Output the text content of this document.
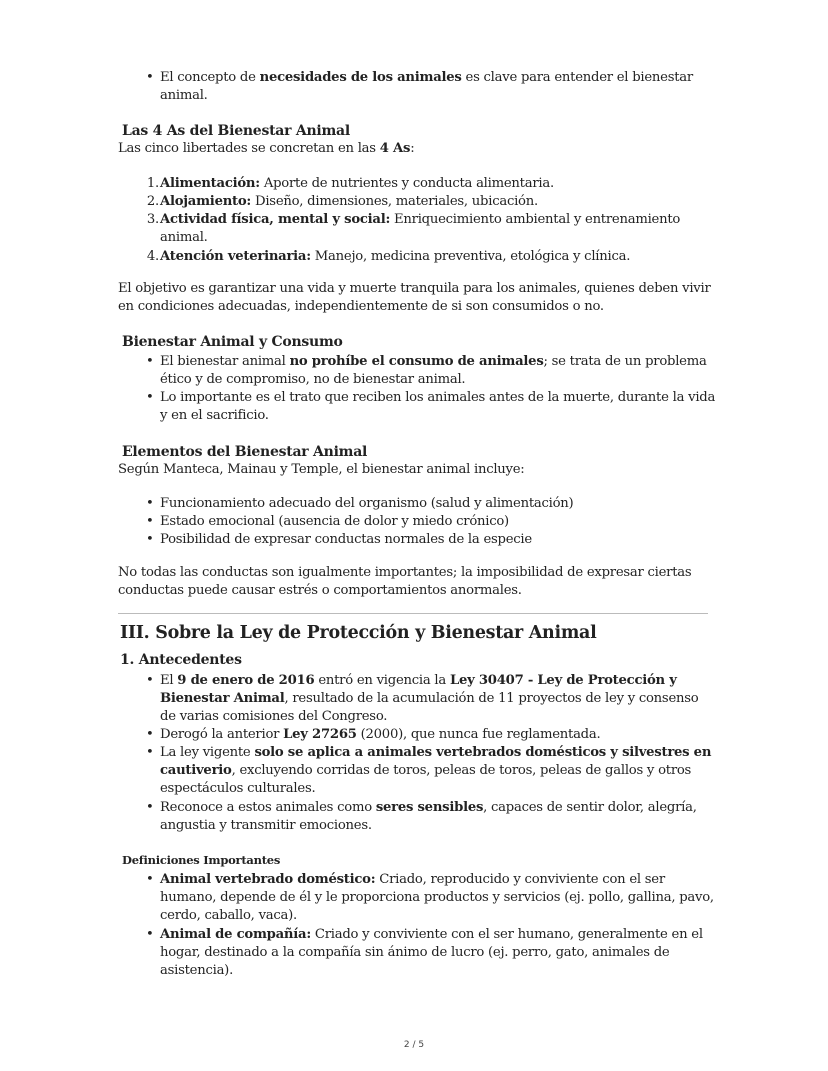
• El concepto de necesidades de los animales es clave para entender el bienestar animal.
Las 4 As del Bienestar Animal
Las cinco libertades se concretan en las 4 As:
1. Alimentación: Aporte de nutrientes y conducta alimentaria.
2. Alojamiento: Diseño, dimensiones, materiales, ubicación.
3. Actividad física, mental y social: Enriquecimiento ambiental y entrenamiento animal.
4. Atención veterinaria: Manejo, medicina preventiva, etológica y clínica.
El objetivo es garantizar una vida y muerte tranquila para los animales, quienes deben vivir en condiciones adecuadas, independientemente de si son consumidos o no.
Bienestar Animal y Consumo
• El bienestar animal no prohíbe el consumo de animales; se trata de un problema ético y de compromiso, no de bienestar animal.
• Lo importante es el trato que reciben los animales antes de la muerte, durante la vida y en el sacrificio.
Elementos del Bienestar Animal
Según Manteca, Mainau y Temple, el bienestar animal incluye:
• Funcionamiento adecuado del organismo (salud y alimentación)
• Estado emocional (ausencia de dolor y miedo crónico)
• Posibilidad de expresar conductas normales de la especie
No todas las conductas son igualmente importantes; la imposibilidad de expresar ciertas conductas puede causar estrés o comportamientos anormales.
III. Sobre la Ley de Protección y Bienestar Animal
1. Antecedentes
• El 9 de enero de 2016 entró en vigencia la Ley 30407 - Ley de Protección y Bienestar Animal, resultado de la acumulación de 11 proyectos de ley y consenso de varias comisiones del Congreso.
• Derogó la anterior Ley 27265 (2000), que nunca fue reglamentada.
• La ley vigente solo se aplica a animales vertebrados domésticos y silvestres en cautiverio, excluyendo corridas de toros, peleas de toros, peleas de gallos y otros espectáculos culturales.
• Reconoce a estos animales como seres sensibles, capaces de sentir dolor, alegría, angustia y transmitir emociones.
Definiciones Importantes
• Animal vertebrado doméstico: Criado, reproducido y conviviente con el ser humano, depende de él y le proporciona productos y servicios (ej. pollo, gallina, pavo, cerdo, caballo, vaca).
• Animal de compañía: Criado y conviviente con el ser humano, generalmente en el hogar, destinado a la compañía sin ánimo de lucro (ej. perro, gato, animales de asistencia).
2 / 5
